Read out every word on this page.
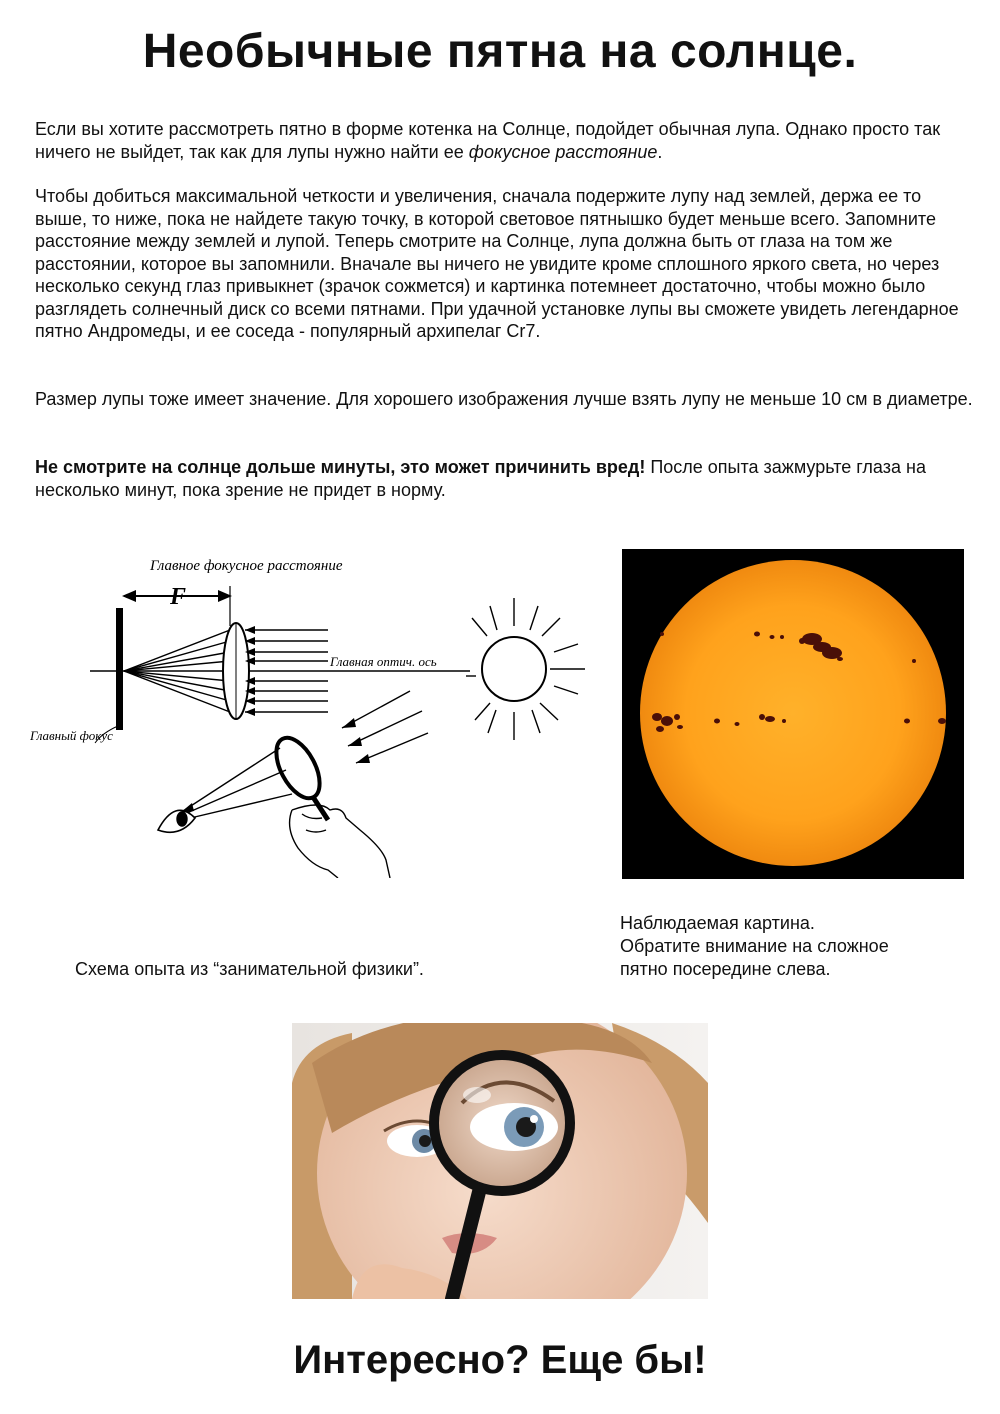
Необычные пятна на солнце.

Если вы хотите рассмотреть пятно в форме котенка на Солнце, подойдет обычная лупа. Однако просто так ничего не выйдет, так как для лупы нужно найти ее фокусное расстояние.

Чтобы добиться максимальной четкости и увеличения, сначала подержите лупу над землей, держа ее то выше, то ниже, пока не найдете такую точку, в которой световое пятнышко будет меньше всего. Запомните расстояние между землей и лупой. Теперь смотрите на Солнце, лупа должна быть от глаза на том же расстоянии, которое вы запомнили. Вначале вы ничего не увидите кроме сплошного яркого света, но через несколько секунд глаз привыкнет (зрачок сожмется) и картинка потемнеет достаточно, чтобы можно было разглядеть солнечный диск со всеми пятнами. При удачной установке лупы вы сможете увидеть легендарное пятно Андромеды, и ее соседа - популярный архипелаг Cr7.

Размер лупы тоже имеет значение. Для хорошего изображения лучше взять лупу не меньше 10 см в диаметре.

Не смотрите на солнце дольше минуты, это может причинить вред! После опыта зажмурьте глаза на несколько минут, пока зрение не придет в норму.

Главное фокусное расстояние
F
Главная оптич. ось
Главный фокус
Схема опыта из “занимательной физики”.
Наблюдаемая картина.
Обратите внимание на сложное
пятно посередине слева.
Интересно? Еще бы!
